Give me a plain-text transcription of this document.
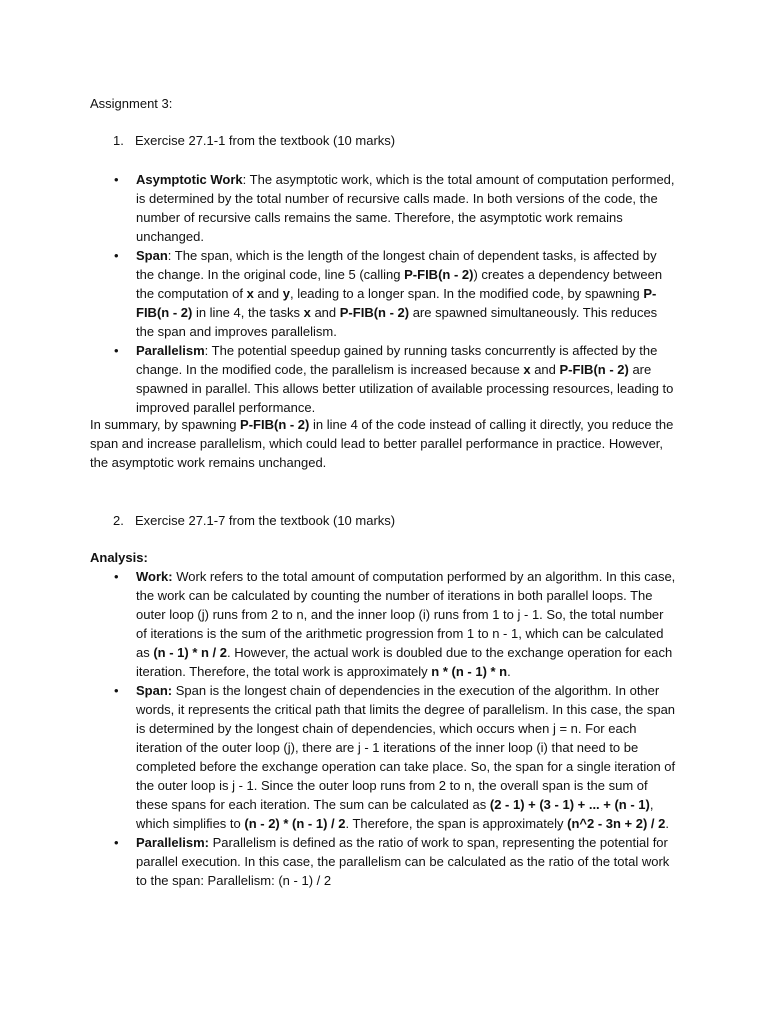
Assignment 3:

1. Exercise 27.1-1 from the textbook (10 marks)

• Asymptotic Work: The asymptotic work, which is the total amount of computation performed, is determined by the total number of recursive calls made. In both versions of the code, the number of recursive calls remains the same. Therefore, the asymptotic work remains unchanged.
• Span: The span, which is the length of the longest chain of dependent tasks, is affected by the change. In the original code, line 5 (calling P-FIB(n - 2)) creates a dependency between the computation of x and y, leading to a longer span. In the modified code, by spawning P-FIB(n - 2) in line 4, the tasks x and P-FIB(n - 2) are spawned simultaneously. This reduces the span and improves parallelism.
• Parallelism: The potential speedup gained by running tasks concurrently is affected by the change. In the modified code, the parallelism is increased because x and P-FIB(n - 2) are spawned in parallel. This allows better utilization of available processing resources, leading to improved parallel performance.

In summary, by spawning P-FIB(n - 2) in line 4 of the code instead of calling it directly, you reduce the span and increase parallelism, which could lead to better parallel performance in practice. However, the asymptotic work remains unchanged.

2. Exercise 27.1-7 from the textbook (10 marks)

Analysis:

• Work: Work refers to the total amount of computation performed by an algorithm. In this case, the work can be calculated by counting the number of iterations in both parallel loops. The outer loop (j) runs from 2 to n, and the inner loop (i) runs from 1 to j - 1. So, the total number of iterations is the sum of the arithmetic progression from 1 to n - 1, which can be calculated as (n - 1) * n / 2. However, the actual work is doubled due to the exchange operation for each iteration. Therefore, the total work is approximately n * (n - 1) * n.
• Span: Span is the longest chain of dependencies in the execution of the algorithm. In other words, it represents the critical path that limits the degree of parallelism. In this case, the span is determined by the longest chain of dependencies, which occurs when j = n. For each iteration of the outer loop (j), there are j - 1 iterations of the inner loop (i) that need to be completed before the exchange operation can take place. So, the span for a single iteration of the outer loop is j - 1. Since the outer loop runs from 2 to n, the overall span is the sum of these spans for each iteration. The sum can be calculated as (2 - 1) + (3 - 1) + ... + (n - 1), which simplifies to (n - 2) * (n - 1) / 2. Therefore, the span is approximately (n^2 - 3n + 2) / 2.
• Parallelism: Parallelism is defined as the ratio of work to span, representing the potential for parallel execution. In this case, the parallelism can be calculated as the ratio of the total work to the span: Parallelism: (n - 1) / 2
